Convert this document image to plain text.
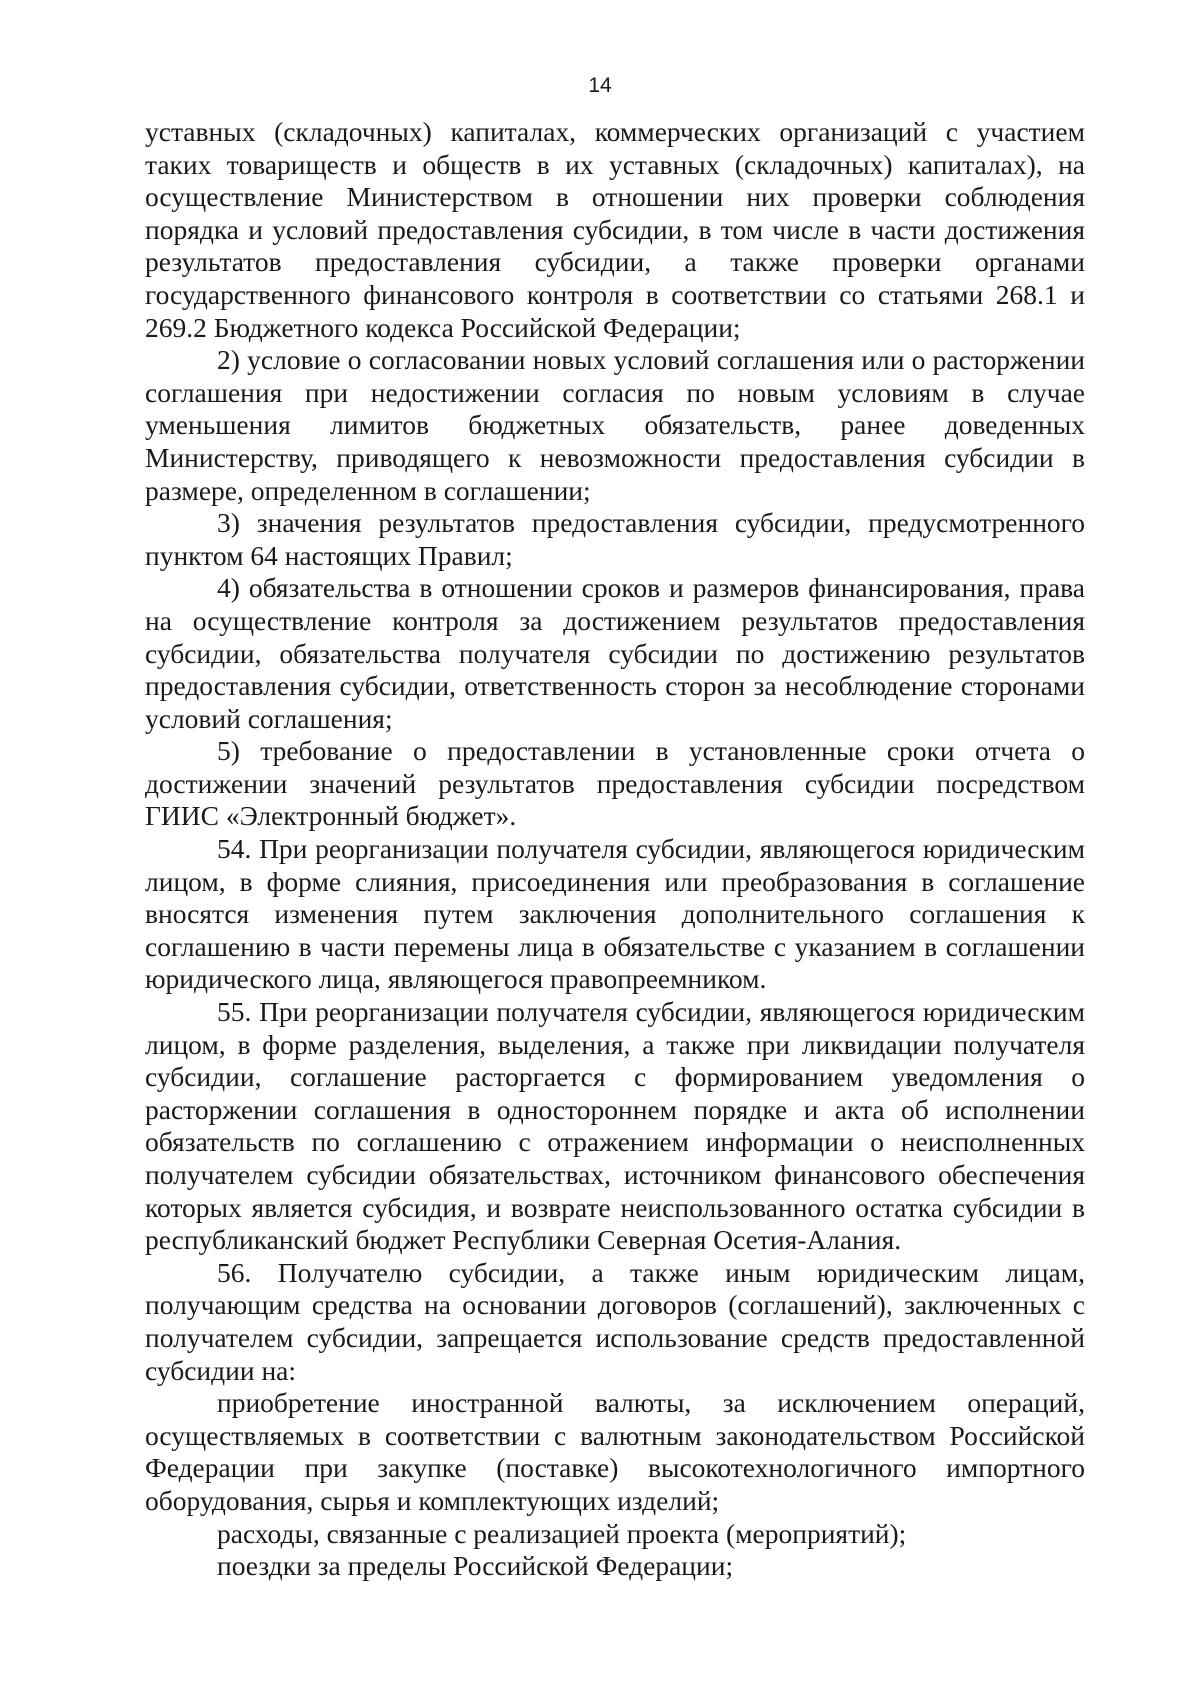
14

уставных (складочных) капиталах, коммерческих организаций с участием таких товариществ и обществ в их уставных (складочных) капиталах), на осуществление Министерством в отношении них проверки соблюдения порядка и условий предоставления субсидии, в том числе в части достижения результатов предоставления субсидии, а также проверки органами государственного финансового контроля в соответствии со статьями 268.1 и 269.2 Бюджетного кодекса Российской Федерации;

2) условие о согласовании новых условий соглашения или о расторжении соглашения при недостижении согласия по новым условиям в случае уменьшения лимитов бюджетных обязательств, ранее доведенных Министерству, приводящего к невозможности предоставления субсидии в размере, определенном в соглашении;

3) значения результатов предоставления субсидии, предусмотренного пунктом 64 настоящих Правил;

4) обязательства в отношении сроков и размеров финансирования, права на осуществление контроля за достижением результатов предоставления субсидии, обязательства получателя субсидии по достижению результатов предоставления субсидии, ответственность сторон за несоблюдение сторонами условий соглашения;

5) требование о предоставлении в установленные сроки отчета о достижении значений результатов предоставления субсидии посредством ГИИС «Электронный бюджет».

54. При реорганизации получателя субсидии, являющегося юридическим лицом, в форме слияния, присоединения или преобразования в соглашение вносятся изменения путем заключения дополнительного соглашения к соглашению в части перемены лица в обязательстве с указанием в соглашении юридического лица, являющегося правопреемником.

55. При реорганизации получателя субсидии, являющегося юридическим лицом, в форме разделения, выделения, а также при ликвидации получателя субсидии, соглашение расторгается с формированием уведомления о расторжении соглашения в одностороннем порядке и акта об исполнении обязательств по соглашению с отражением информации о неисполненных получателем субсидии обязательствах, источником финансового обеспечения которых является субсидия, и возврате неиспользованного остатка субсидии в республиканский бюджет Республики Северная Осетия-Алания.

56. Получателю субсидии, а также иным юридическим лицам, получающим средства на основании договоров (соглашений), заключенных с получателем субсидии, запрещается использование средств предоставленной субсидии на:

приобретение иностранной валюты, за исключением операций, осуществляемых в соответствии с валютным законодательством Российской Федерации при закупке (поставке) высокотехнологичного импортного оборудования, сырья и комплектующих изделий;

расходы, связанные с реализацией проекта (мероприятий);

поездки за пределы Российской Федерации;
